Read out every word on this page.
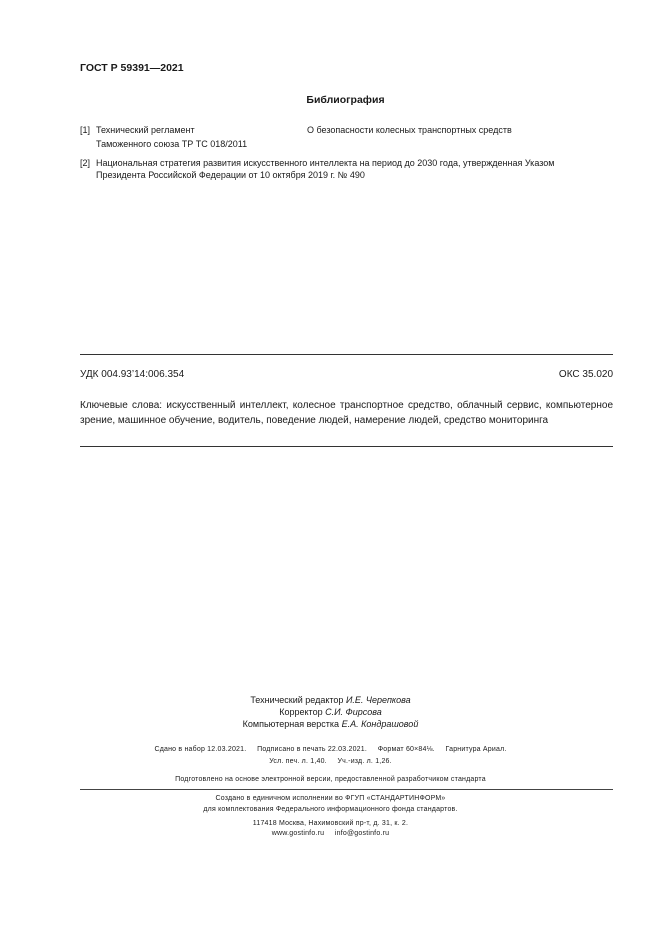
ГОСТ Р 59391—2021
Библиография
[1] Технический регламент
Таможенного союза ТР ТС 018/2011
О безопасности колесных транспортных средств
[2] Национальная стратегия развития искусственного интеллекта на период до 2030 года, утвержденная Указом
Президента Российской Федерации от 10 октября 2019 г. № 490
УДК 004.93’14:006.354	ОКС 35.020
Ключевые слова: искусственный интеллект, колесное транспортное средство, облачный сервис, компьютерное зрение, машинное обучение, водитель, поведение людей, намерение людей, средство мониторинга
Технический редактор И.Е. Черепкова
Корректор С.И. Фирсова
Компьютерная верстка Е.А. Кондрашовой
Сдано в набор 12.03.2021.     Подписано в печать 22.03.2021.     Формат 60×84⅛.     Гарнитура Ариал.
Усл. печ. л. 1,40.     Уч.-изд. л. 1,26.
Подготовлено на основе электронной версии, предоставленной разработчиком стандарта
Создано в единичном исполнении во ФГУП «СТАНДАРТИНФОРМ»
для комплектования Федерального информационного фонда стандартов.
117418 Москва, Нахимовский пр-т, д. 31, к. 2.
www.gostinfo.ru     info@gostinfo.ru
